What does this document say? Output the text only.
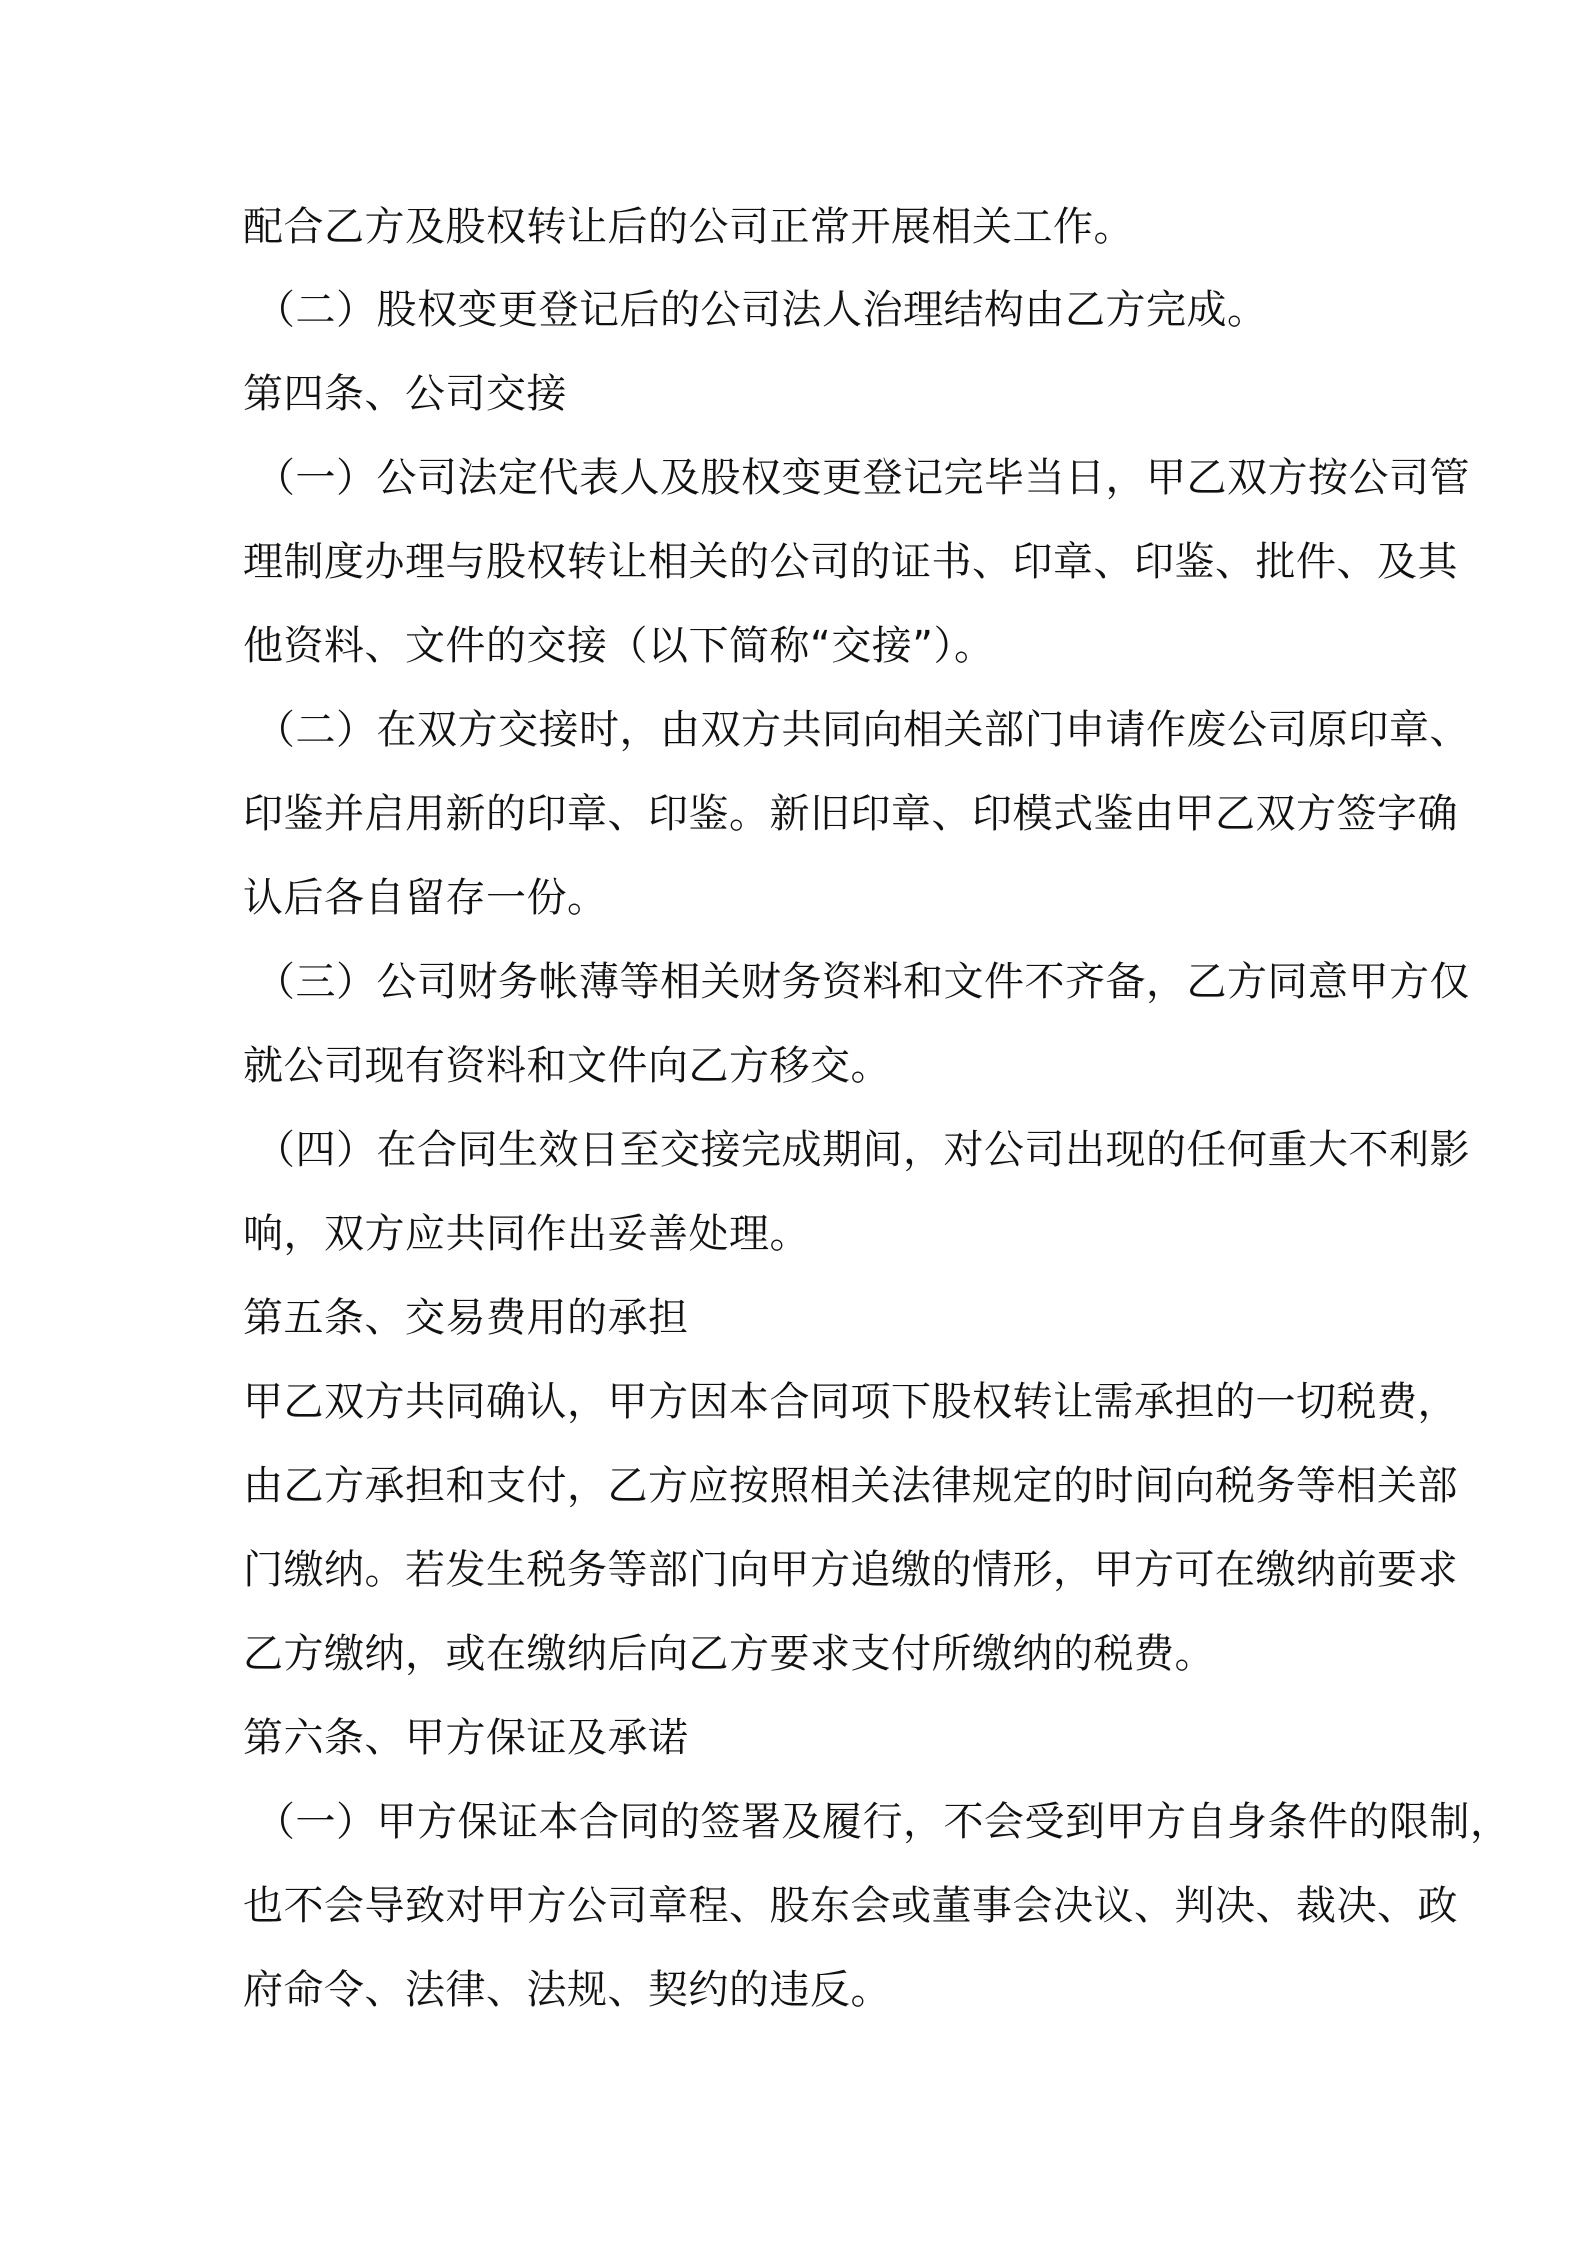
配合乙方及股权转让后的公司正常开展相关工作。
（二）股权变更登记后的公司法人治理结构由乙方完成。
第四条、公司交接
（一）公司法定代表人及股权变更登记完毕当日，甲乙双方按公司管
理制度办理与股权转让相关的公司的证书、印章、印鉴、批件、及其
他资料、文件的交接（以下简称“交接”）。
（二）在双方交接时，由双方共同向相关部门申请作废公司原印章、
印鉴并启用新的印章、印鉴。新旧印章、印模式鉴由甲乙双方签字确
认后各自留存一份。
（三）公司财务帐薄等相关财务资料和文件不齐备，乙方同意甲方仅
就公司现有资料和文件向乙方移交。
（四）在合同生效日至交接完成期间，对公司出现的任何重大不利影
响，双方应共同作出妥善处理。
第五条、交易费用的承担
甲乙双方共同确认，甲方因本合同项下股权转让需承担的一切税费，
由乙方承担和支付，乙方应按照相关法律规定的时间向税务等相关部
门缴纳。若发生税务等部门向甲方追缴的情形，甲方可在缴纳前要求
乙方缴纳，或在缴纳后向乙方要求支付所缴纳的税费。
第六条、甲方保证及承诺
（一）甲方保证本合同的签署及履行，不会受到甲方自身条件的限制，
也不会导致对甲方公司章程、股东会或董事会决议、判决、裁决、政
府命令、法律、法规、契约的违反。
